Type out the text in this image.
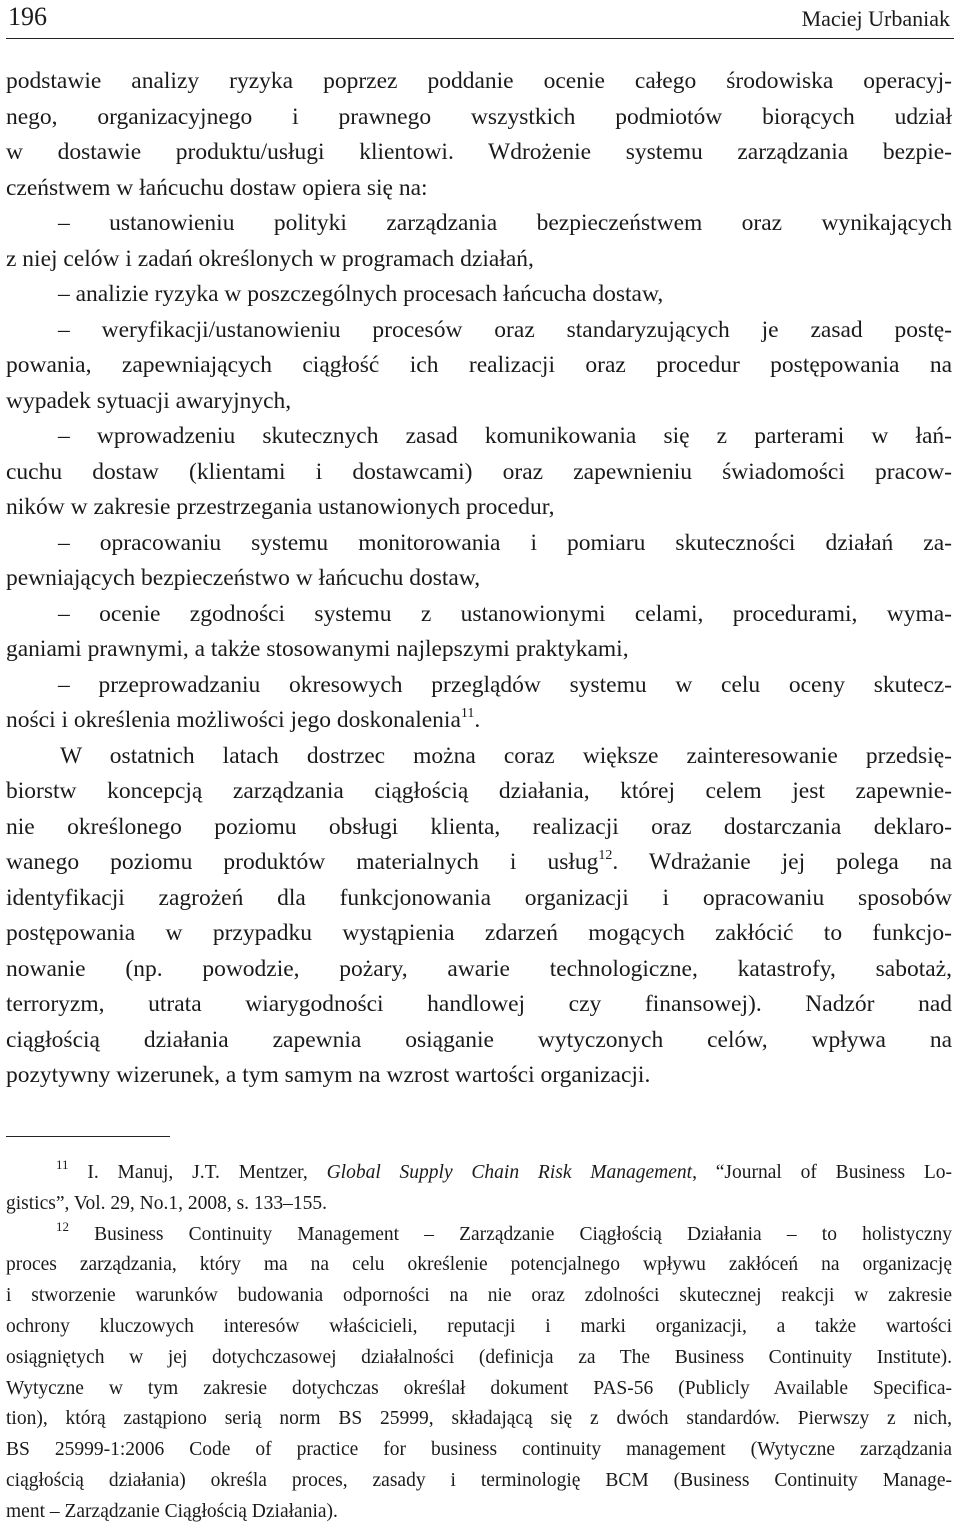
196	Maciej Urbaniak
podstawie analizy ryzyka poprzez poddanie ocenie całego środowiska operacyj-
nego, organizacyjnego i prawnego wszystkich podmiotów biorących udział
w dostawie produktu/usługi klientowi. Wdrożenie systemu zarządzania bezpie-
czeństwem w łańcuchu dostaw opiera się na:
– ustanowieniu polityki zarządzania bezpieczeństwem oraz wynikających
z niej celów i zadań określonych w programach działań,
– analizie ryzyka w poszczególnych procesach łańcucha dostaw,
– weryfikacji/ustanowieniu procesów oraz standaryzujących je zasad postę-
powania, zapewniających ciągłość ich realizacji oraz procedur postępowania na
wypadek sytuacji awaryjnych,
– wprowadzeniu skutecznych zasad komunikowania się z parterami w łań-
cuchu dostaw (klientami i dostawcami) oraz zapewnieniu świadomości pracow-
ników w zakresie przestrzegania ustanowionych procedur,
– opracowaniu systemu monitorowania i pomiaru skuteczności działań za-
pewniających bezpieczeństwo w łańcuchu dostaw,
– ocenie zgodności systemu z ustanowionymi celami, procedurami, wyma-
ganiami prawnymi, a także stosowanymi najlepszymi praktykami,
– przeprowadzaniu okresowych przeglądów systemu w celu oceny skutecz-
ności i określenia możliwości jego doskonalenia$^{11}$.
W ostatnich latach dostrzec można coraz większe zainteresowanie przedsię-
biorstw koncepcją zarządzania ciągłością działania, której celem jest zapewnie-
nie określonego poziomu obsługi klienta, realizacji oraz dostarczania deklaro-
wanego poziomu produktów materialnych i usług$^{12}$. Wdrażanie jej polega na
identyfikacji zagrożeń dla funkcjonowania organizacji i opracowaniu sposobów
postępowania w przypadku wystąpienia zdarzeń mogących zakłócić to funkcjo-
nowanie (np. powodzie, pożary, awarie technologiczne, katastrofy, sabotaż,
terroryzm, utrata wiarygodności handlowej czy finansowej). Nadzór nad
ciągłością działania zapewnia osiąganie wytyczonych celów, wpływa na
pozytywny wizerunek, a tym samym na wzrost wartości organizacji.
$^{11}$ I. Manuj, J.T. Mentzer, Global Supply Chain Risk Management, “Journal of Business Lo-
gistics”, Vol. 29, No.1, 2008, s. 133–155.
$^{12}$ Business Continuity Management – Zarządzanie Ciągłością Działania – to holistyczny
proces zarządzania, który ma na celu określenie potencjalnego wpływu zakłóceń na organizację
i stworzenie warunków budowania odporności na nie oraz zdolności skutecznej reakcji w zakresie
ochrony kluczowych interesów właścicieli, reputacji i marki organizacji, a także wartości
osiągniętych w jej dotychczasowej działalności (definicja za The Business Continuity Institute).
Wytyczne w tym zakresie dotychczas określał dokument PAS-56 (Publicly Available Specifica-
tion), którą zastąpiono serią norm BS 25999, składającą się z dwóch standardów. Pierwszy z nich,
BS 25999-1:2006 Code of practice for business continuity management (Wytyczne zarządzania
ciągłością działania) określa proces, zasady i terminologię BCM (Business Continuity Manage-
ment – Zarządzanie Ciągłością Działania).
